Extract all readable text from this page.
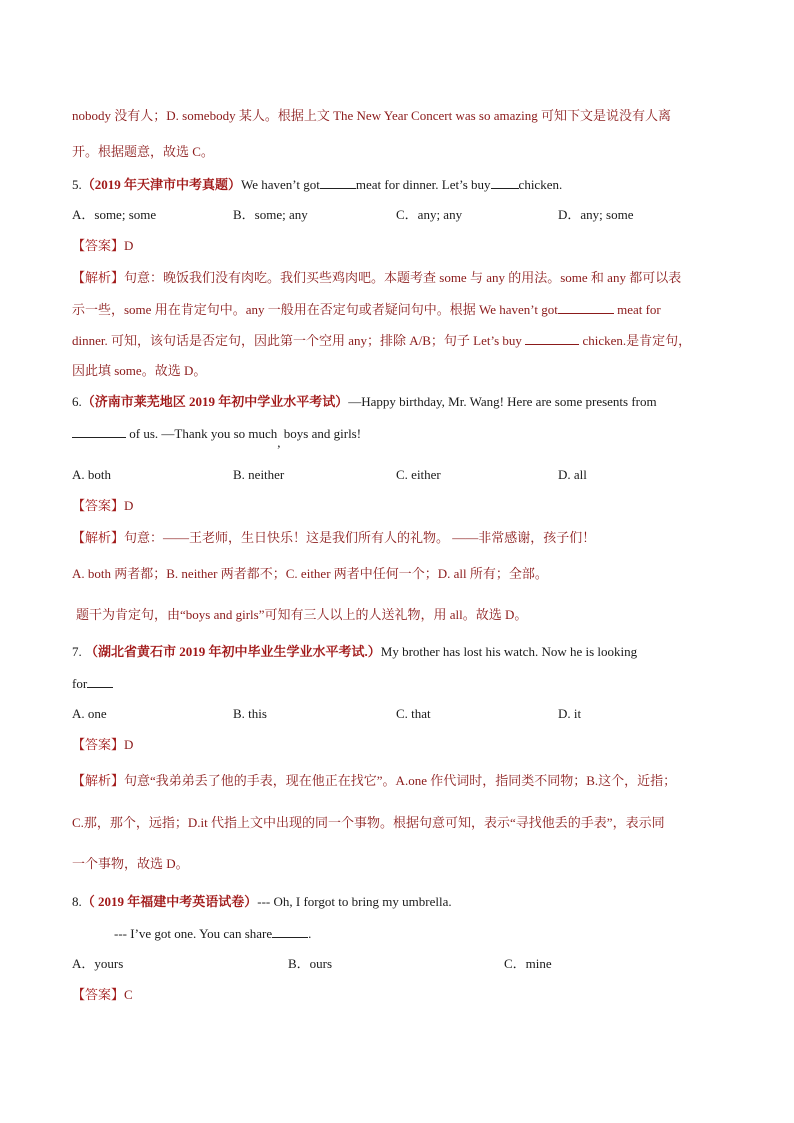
nobody 没有人；D. somebody 某人。根据上文 The New Year Concert was so amazing 可知下文是说没有人离
开。根据题意，故选 C。
5.（2019 年天津市中考真题）We haven’t got	meat for dinner. Let’s buy chicken.
A．some; some	B．some; any	C．any; any	D．any; some
【答案】D
【解析】句意：晚饭我们没有肉吃。我们买些鸡肉吧。本题考查 some 与 any 的用法。some 和 any 都可以表
示一些，some 用在肯定句中。any 一般用在否定句或者疑问句中。根据 We haven’t got	meat for
dinner. 可知，该句话是否定句，因此第一个空用 any；排除 A/B；句子 Let’s buy	chicken.是肯定句，
因此填 some。故选 D。
6.（济南市莱芜地区 2019 年初中学业水平考试）—Happy birthday, Mr. Wang! Here are some presents from
of us. —Thank you so much, boys and girls!
A. both	B. neither	C. either	D. all
【答案】D
【解析】句意：——王老师，生日快乐！这是我们所有人的礼物。 ——非常感谢，孩子们！
A. both 两者都；B. neither 两者都不；C. either 两者中任何一个；D. all 所有；全部。
题干为肯定句，由“boys and girls”可知有三人以上的人送礼物，用 all。故选 D。
7. （湖北省黄石市 2019 年初中毕业生学业水平考试.）My brother has lost his watch. Now he is looking
for
A. one	B. this	C. that	D. it
【答案】D
【解析】句意“我弟弟丢了他的手表，现在他正在找它”。A.one 作代词时，指同类不同物；B.这个，近指；
C.那，那个，远指；D.it 代指上文中出现的同一个事物。根据句意可知，表示“寻找他丢的手表”，表示同
一个事物，故选 D。
8.（ 2019 年福建中考英语试卷）--- Oh, I forgot to bring my umbrella.
--- I’ve got one. You can share	.
A．yours	B．ours	C．mine
【答案】C
